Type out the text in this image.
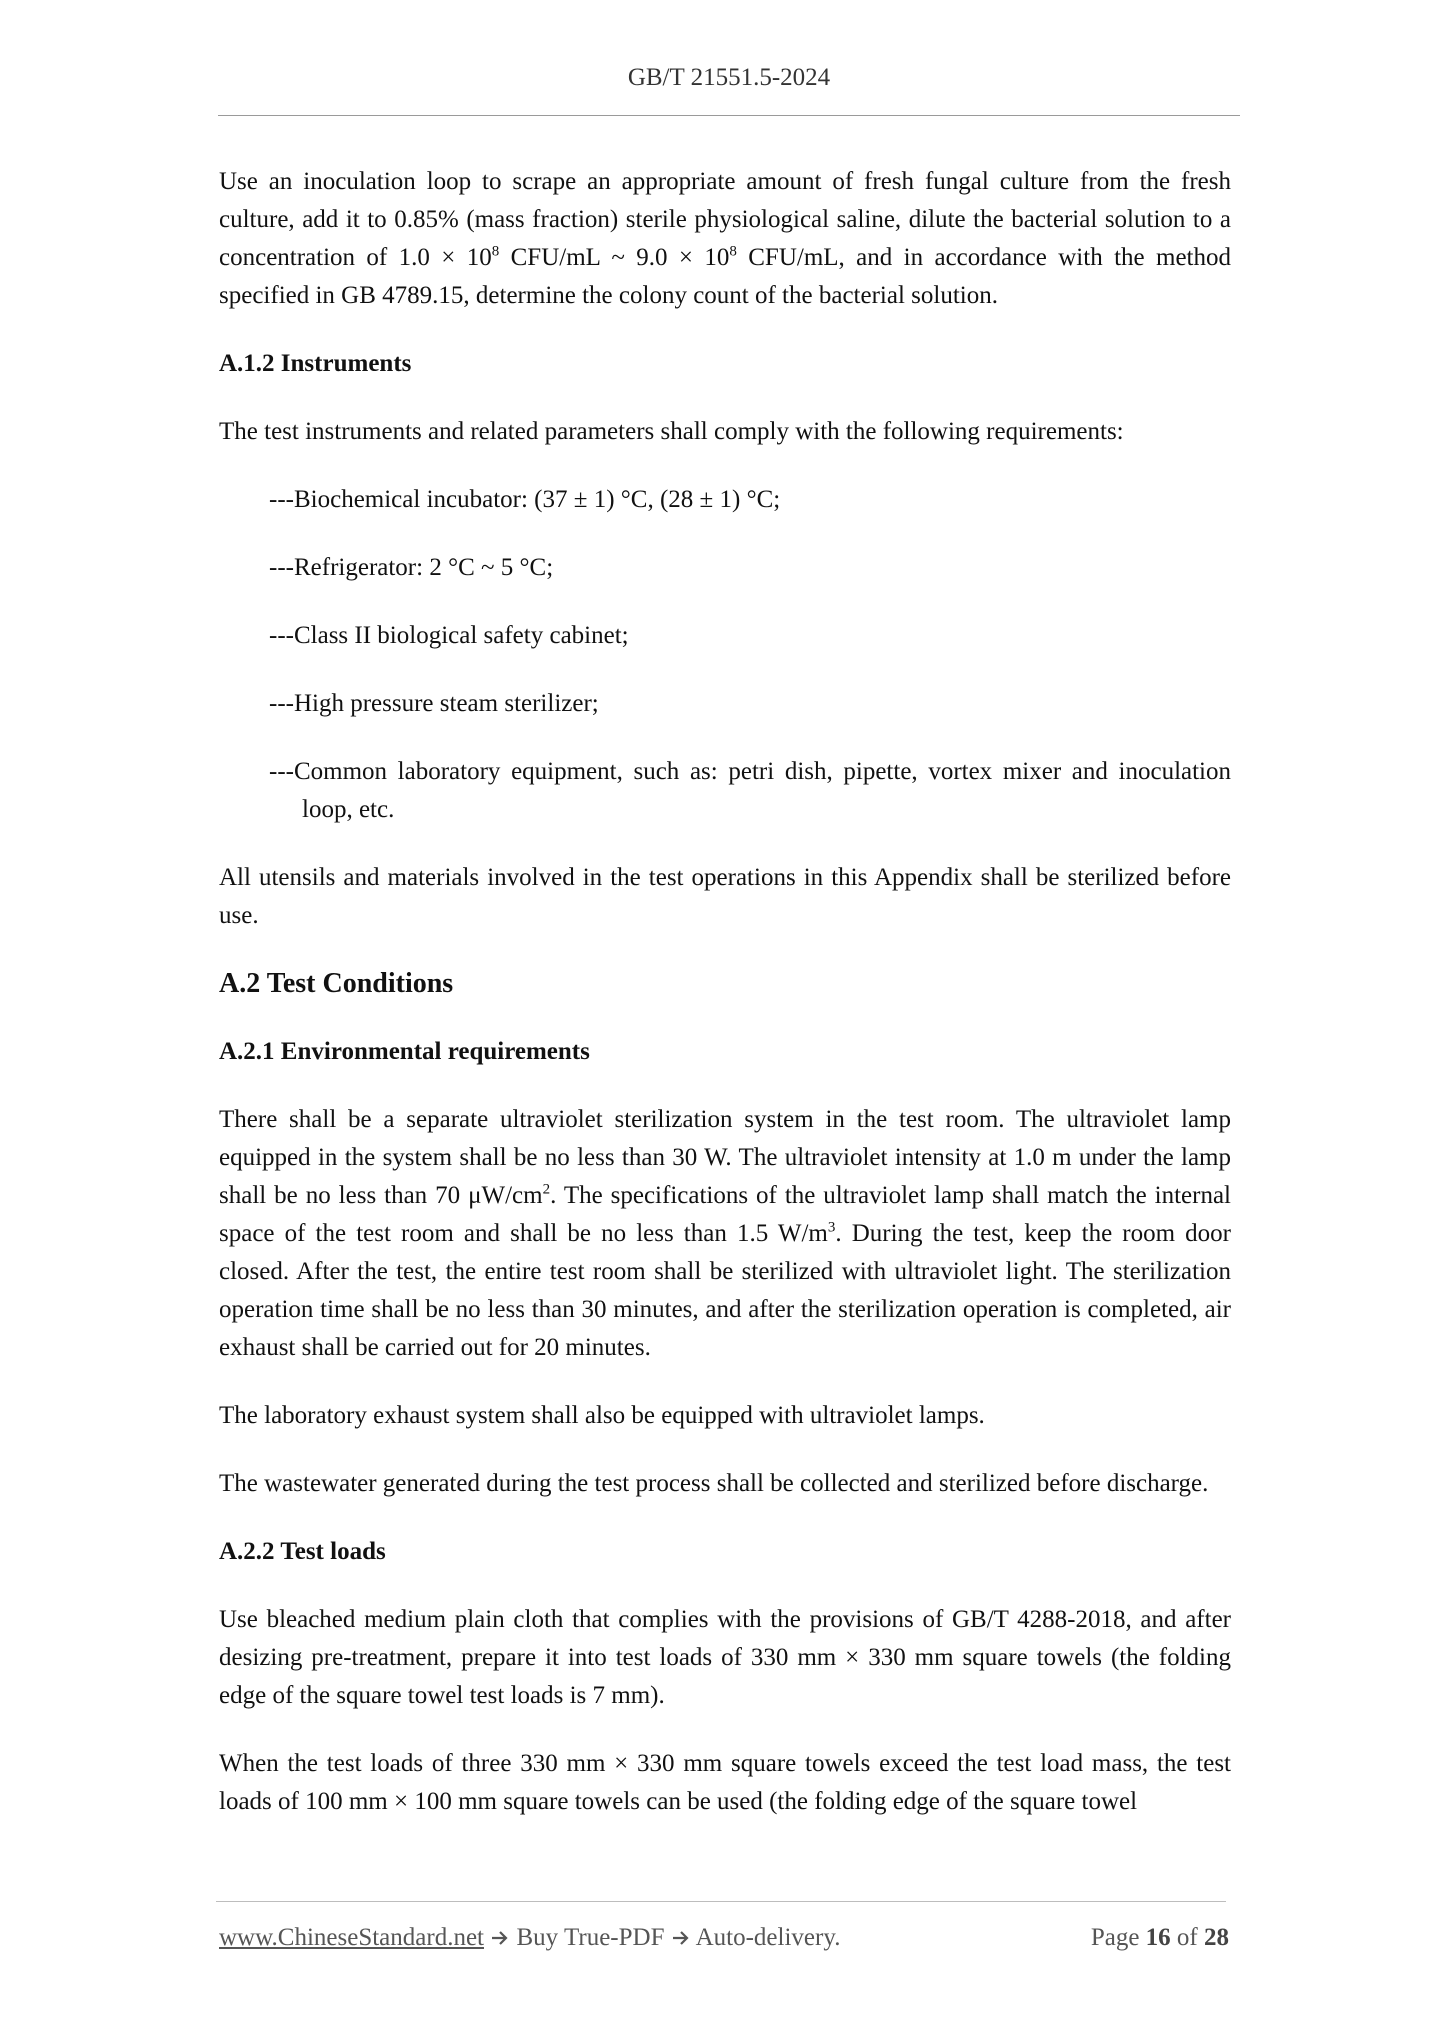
GB/T 21551.5-2024

Use an inoculation loop to scrape an appropriate amount of fresh fungal culture from the fresh culture, add it to 0.85% (mass fraction) sterile physiological saline, dilute the bacterial solution to a concentration of $1.0 \times 10^8$ CFU/mL ~ $9.0 \times 10^8$ CFU/mL, and in accordance with the method specified in GB 4789.15, determine the colony count of the bacterial solution.

A.1.2 Instruments

The test instruments and related parameters shall comply with the following requirements:

---Biochemical incubator: (37 ± 1) °C, (28 ± 1) °C;
---Refrigerator: 2 °C ~ 5 °C;
---Class II biological safety cabinet;
---High pressure steam sterilizer;
---Common laboratory equipment, such as: petri dish, pipette, vortex mixer and inoculation loop, etc.

All utensils and materials involved in the test operations in this Appendix shall be sterilized before use.

A.2 Test Conditions
A.2.1 Environmental requirements

There shall be a separate ultraviolet sterilization system in the test room. The ultraviolet lamp equipped in the system shall be no less than 30 W. The ultraviolet intensity at 1.0 m under the lamp shall be no less than 70 $\mu W/cm^2$. The specifications of the ultraviolet lamp shall match the internal space of the test room and shall be no less than 1.5 $W/m^3$. During the test, keep the room door closed. After the test, the entire test room shall be sterilized with ultraviolet light. The sterilization operation time shall be no less than 30 minutes, and after the sterilization operation is completed, air exhaust shall be carried out for 20 minutes.

The laboratory exhaust system shall also be equipped with ultraviolet lamps.

The wastewater generated during the test process shall be collected and sterilized before discharge.

A.2.2 Test loads

Use bleached medium plain cloth that complies with the provisions of GB/T 4288-2018, and after desizing pre-treatment, prepare it into test loads of 330 mm × 330 mm square towels (the folding edge of the square towel test loads is 7 mm).

When the test loads of three 330 mm × 330 mm square towels exceed the test load mass, the test loads of 100 mm × 100 mm square towels can be used (the folding edge of the square towel

www.ChineseStandard.net Buy True-PDF Auto-delivery.	Page 16 of 28
